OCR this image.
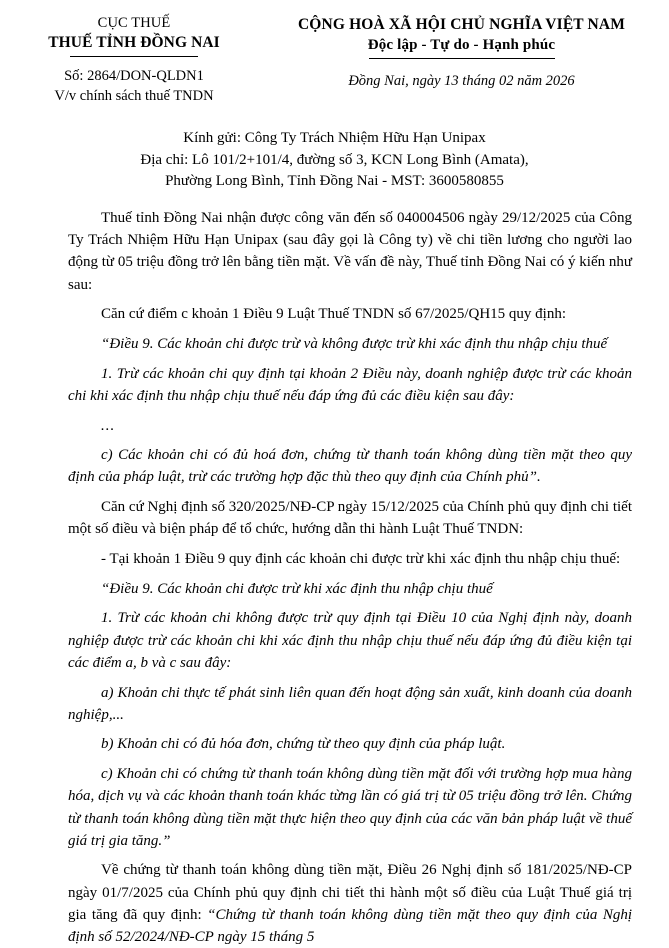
CỤC THUẾ
THUẾ TỈNH ĐỒNG NAI
Số: 2864/DON-QLDN1
V/v chính sách thuế TNDN
CỘNG HOÀ XÃ HỘI CHỦ NGHĨA VIỆT NAM
Độc lập - Tự do - Hạnh phúc
Đồng Nai, ngày 13 tháng 02 năm 2026
Kính gửi: Công Ty Trách Nhiệm Hữu Hạn Unipax
Địa chỉ: Lô 101/2+101/4, đường số 3, KCN Long Bình (Amata),
Phường Long Bình, Tỉnh Đồng Nai - MST: 3600580855

Thuế tỉnh Đồng Nai nhận được công văn đến số 040004506 ngày 29/12/2025 của Công Ty Trách Nhiệm Hữu Hạn Unipax (sau đây gọi là Công ty) về chi tiền lương cho người lao động từ 05 triệu đồng trở lên bằng tiền mặt. Về vấn đề này, Thuế tỉnh Đồng Nai có ý kiến như sau:

Căn cứ điểm c khoản 1 Điều 9 Luật Thuế TNDN số 67/2025/QH15 quy định:

“Điều 9. Các khoản chi được trừ và không được trừ khi xác định thu nhập chịu thuế

1. Trừ các khoản chi quy định tại khoản 2 Điều này, doanh nghiệp được trừ các khoản chi khi xác định thu nhập chịu thuế nếu đáp ứng đủ các điều kiện sau đây:

...

c) Các khoản chi có đủ hoá đơn, chứng từ thanh toán không dùng tiền mặt theo quy định của pháp luật, trừ các trường hợp đặc thù theo quy định của Chính phủ”.

Căn cứ Nghị định số 320/2025/NĐ-CP ngày 15/12/2025 của Chính phủ quy định chi tiết một số điều và biện pháp để tổ chức, hướng dẫn thi hành Luật Thuế TNDN:

- Tại khoản 1 Điều 9 quy định các khoản chi được trừ khi xác định thu nhập chịu thuế:

“Điều 9. Các khoản chi được trừ khi xác định thu nhập chịu thuế

1. Trừ các khoản chi không được trừ quy định tại Điều 10 của Nghị định này, doanh nghiệp được trừ các khoản chi khi xác định thu nhập chịu thuế nếu đáp ứng đủ điều kiện tại các điểm a, b và c sau đây:

a) Khoản chi thực tế phát sinh liên quan đến hoạt động sản xuất, kinh doanh của doanh nghiệp,...

b) Khoản chi có đủ hóa đơn, chứng từ theo quy định của pháp luật.

c) Khoản chi có chứng từ thanh toán không dùng tiền mặt đối với trường hợp mua hàng hóa, dịch vụ và các khoản thanh toán khác từng lần có giá trị từ 05 triệu đồng trở lên. Chứng từ thanh toán không dùng tiền mặt thực hiện theo quy định của các văn bản pháp luật về thuế giá trị gia tăng.”

Về chứng từ thanh toán không dùng tiền mặt, Điều 26 Nghị định số 181/2025/NĐ-CP ngày 01/7/2025 của Chính phủ quy định chi tiết thi hành một số điều của Luật Thuế giá trị gia tăng đã quy định: “Chứng từ thanh toán không dùng tiền mặt theo quy định của Nghị định số 52/2024/NĐ-CP ngày 15 tháng 5
